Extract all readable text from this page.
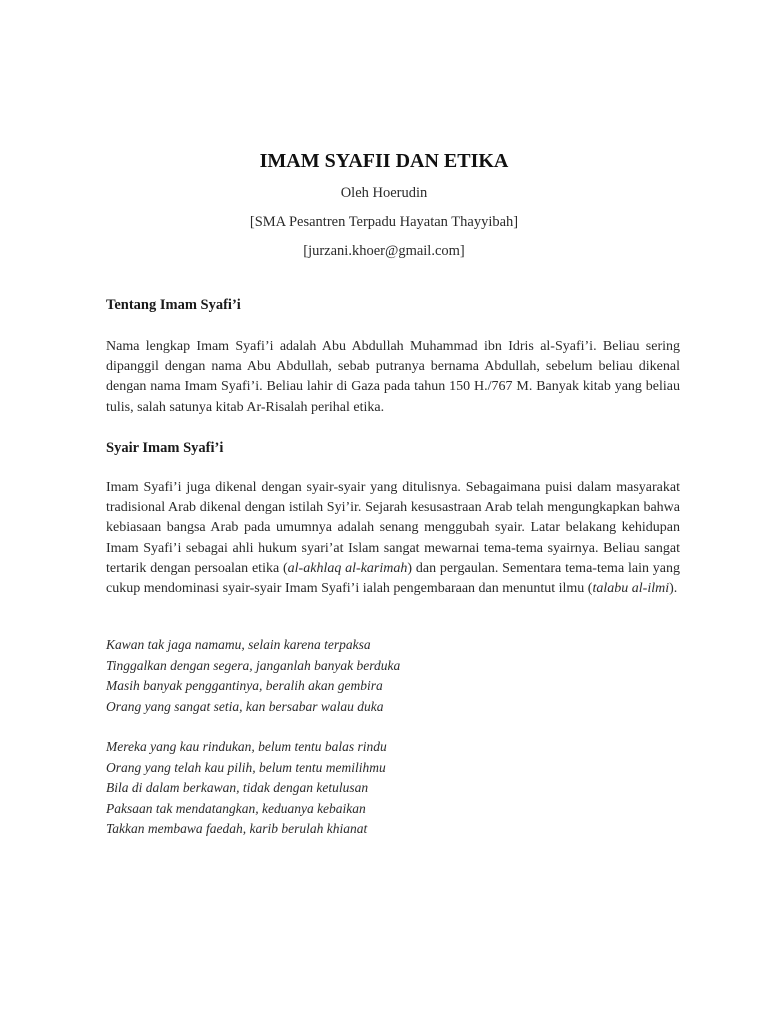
IMAM SYAFII DAN ETIKA
Oleh Hoerudin
[SMA Pesantren Terpadu Hayatan Thayyibah]
[jurzani.khoer@gmail.com]
Tentang Imam Syafi’i

Nama lengkap Imam Syafi’i adalah Abu Abdullah Muhammad ibn Idris al-Syafi’i. Beliau sering dipanggil dengan nama Abu Abdullah, sebab putranya bernama Abdullah, sebelum beliau dikenal dengan nama Imam Syafi’i. Beliau lahir di Gaza pada tahun 150 H./767 M. Banyak kitab yang beliau tulis, salah satunya kitab Ar-Risalah perihal etika.

Syair Imam Syafi’i

Imam Syafi’i juga dikenal dengan syair-syair yang ditulisnya. Sebagaimana puisi dalam masyarakat tradisional Arab dikenal dengan istilah Syi’ir. Sejarah kesusastraan Arab telah mengungkapkan bahwa kebiasaan bangsa Arab pada umumnya adalah senang menggubah syair. Latar belakang kehidupan Imam Syafi’i sebagai ahli hukum syari’at Islam sangat mewarnai tema-tema syairnya. Beliau sangat tertarik dengan persoalan etika (al-akhlaq al-karimah) dan pergaulan. Sementara tema-tema lain yang cukup mendominasi syair-syair Imam Syafi’i ialah pengembaraan dan menuntut ilmu (talabu al-ilmi).

Kawan tak jaga namamu, selain karena terpaksa
Tinggalkan dengan segera, janganlah banyak berduka
Masih banyak penggantinya, beralih akan gembira
Orang yang sangat setia, kan bersabar walau duka
Mereka yang kau rindukan, belum tentu balas rindu
Orang yang telah kau pilih, belum tentu memilihmu
Bila di dalam berkawan, tidak dengan ketulusan
Paksaan tak mendatangkan, keduanya kebaikan
Takkan membawa faedah, karib berulah khianat
